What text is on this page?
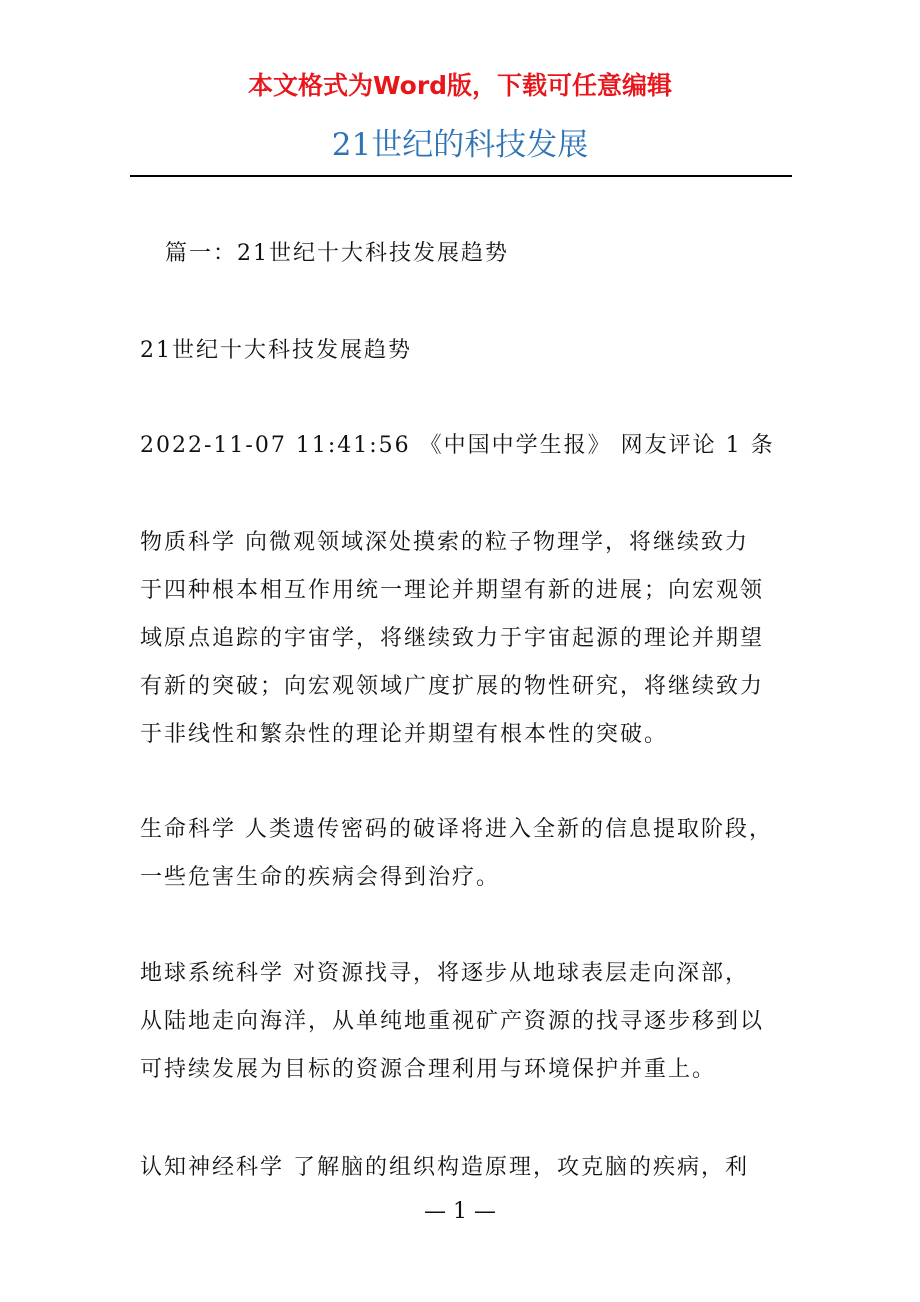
本文格式为Word版，下载可任意编辑
21世纪的科技发展

篇一：21世纪十大科技发展趋势

21世纪十大科技发展趋势

2022-11-07 11:41:56 《中国中学生报》 网友评论 1 条

物质科学 向微观领域深处摸索的粒子物理学，将继续致力
于四种根本相互作用统一理论并期望有新的进展；向宏观领
域原点追踪的宇宙学，将继续致力于宇宙起源的理论并期望
有新的突破；向宏观领域广度扩展的物性研究，将继续致力
于非线性和繁杂性的理论并期望有根本性的突破。

生命科学 人类遗传密码的破译将进入全新的信息提取阶段，
一些危害生命的疾病会得到治疗。

地球系统科学 对资源找寻，将逐步从地球表层走向深部，
从陆地走向海洋，从单纯地重视矿产资源的找寻逐步移到以
可持续发展为目标的资源合理利用与环境保护并重上。

认知神经科学 了解脑的组织构造原理，攻克脑的疾病，利

— 1 —
